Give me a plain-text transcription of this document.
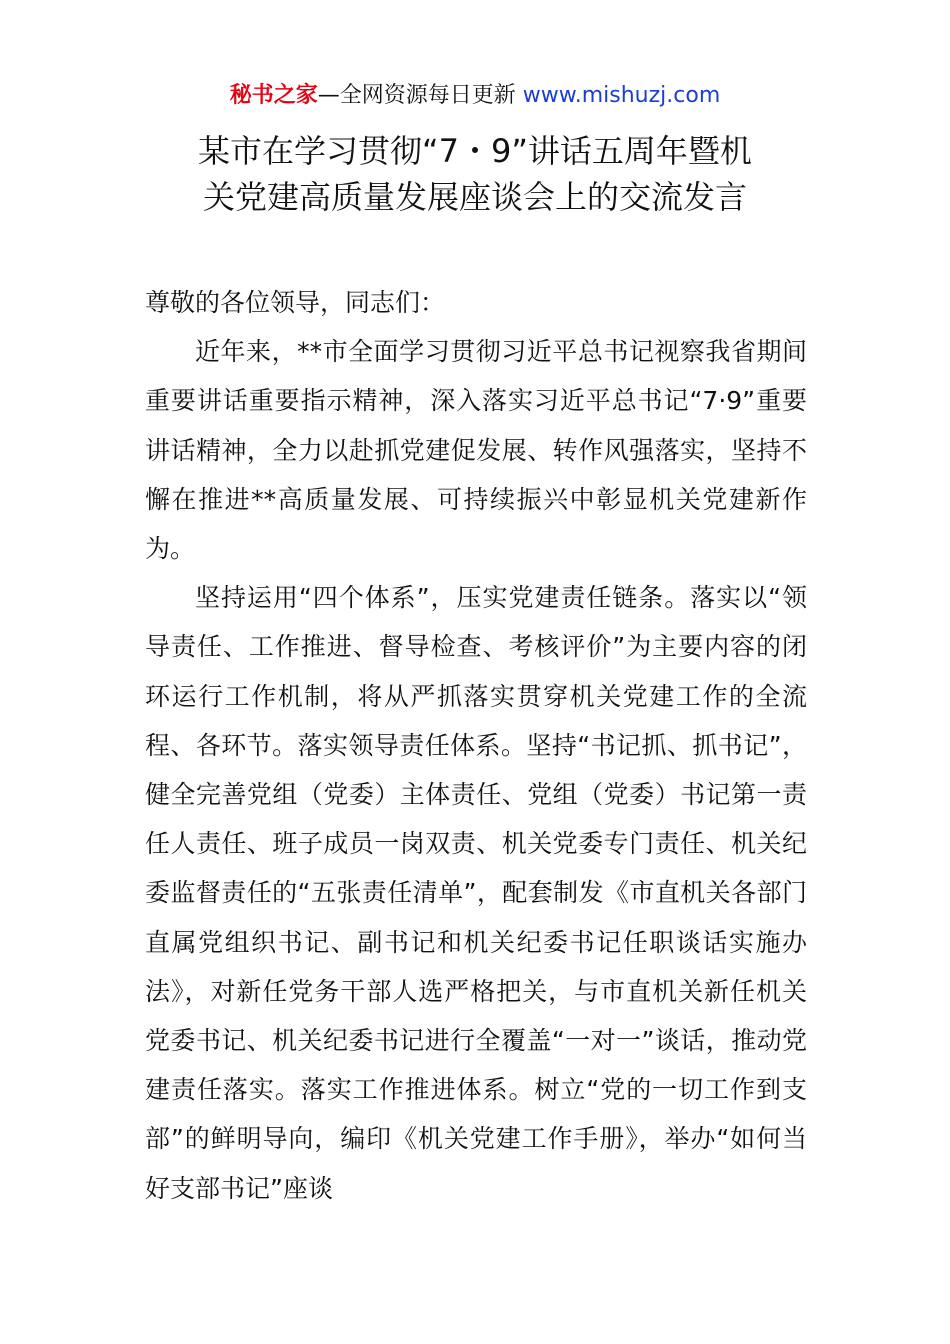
秘书之家—全网资源每日更新 www.mishuzj.com
某市在学习贯彻“7・9”讲话五周年暨机
关党建高质量发展座谈会上的交流发言

尊敬的各位领导，同志们：

近年来，**市全面学习贯彻习近平总书记视察我省期间重要讲话重要指示精神，深入落实习近平总书记“7·9”重要讲话精神，全力以赴抓党建促发展、转作风强落实，坚持不懈在推进**高质量发展、可持续振兴中彰显机关党建新作为。

坚持运用“四个体系”，压实党建责任链条。落实以“领导责任、工作推进、督导检查、考核评价”为主要内容的闭环运行工作机制，将从严抓落实贯穿机关党建工作的全流程、各环节。落实领导责任体系。坚持“书记抓、抓书记”，健全完善党组（党委）主体责任、党组（党委）书记第一责任人责任、班子成员一岗双责、机关党委专门责任、机关纪委监督责任的“五张责任清单”，配套制发《市直机关各部门直属党组织书记、副书记和机关纪委书记任职谈话实施办法》，对新任党务干部人选严格把关，与市直机关新任机关党委书记、机关纪委书记进行全覆盖“一对一”谈话，推动党建责任落实。落实工作推进体系。树立“党的一切工作到支部”的鲜明导向，编印《机关党建工作手册》，举办“如何当好支部书记”座谈
